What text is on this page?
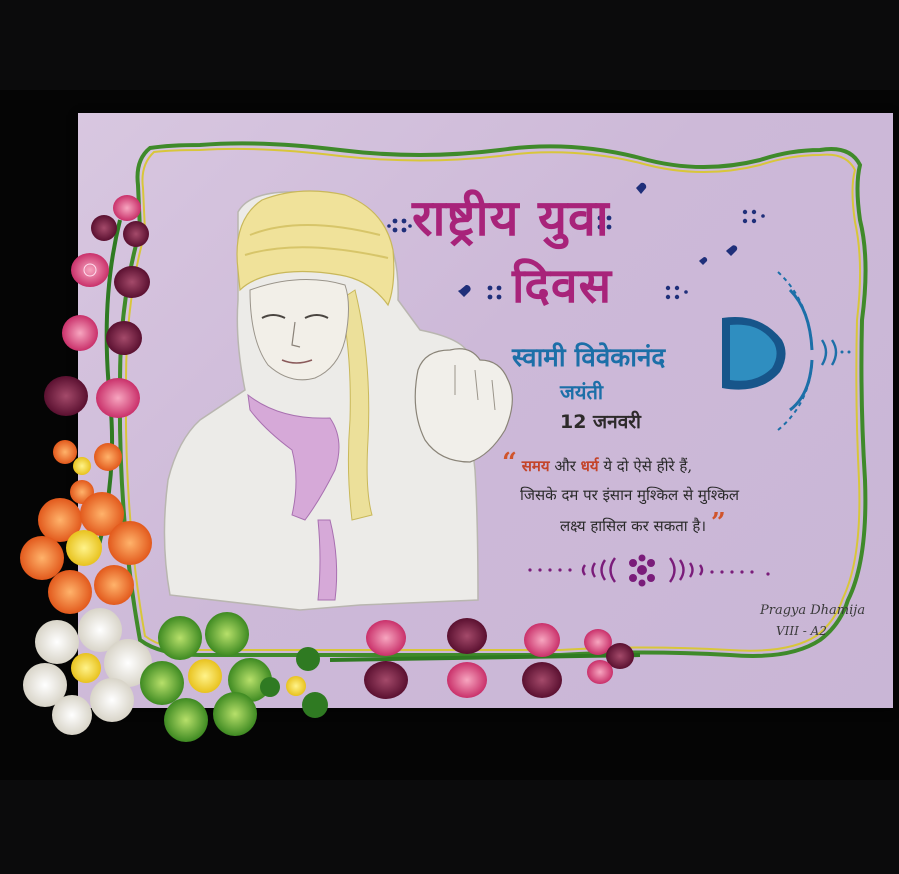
राष्ट्रीय युवा
दिवस
स्वामी विवेकानंद
जयंती
12 जनवरी
“ समय और धर्य ये दो ऐसे हीरे हैं,
जिसके दम पर इंसान मुश्किल से मुश्किल
लक्ष्य हासिल कर सकता है। ”
Pragya Dhamija
VIII - A2
